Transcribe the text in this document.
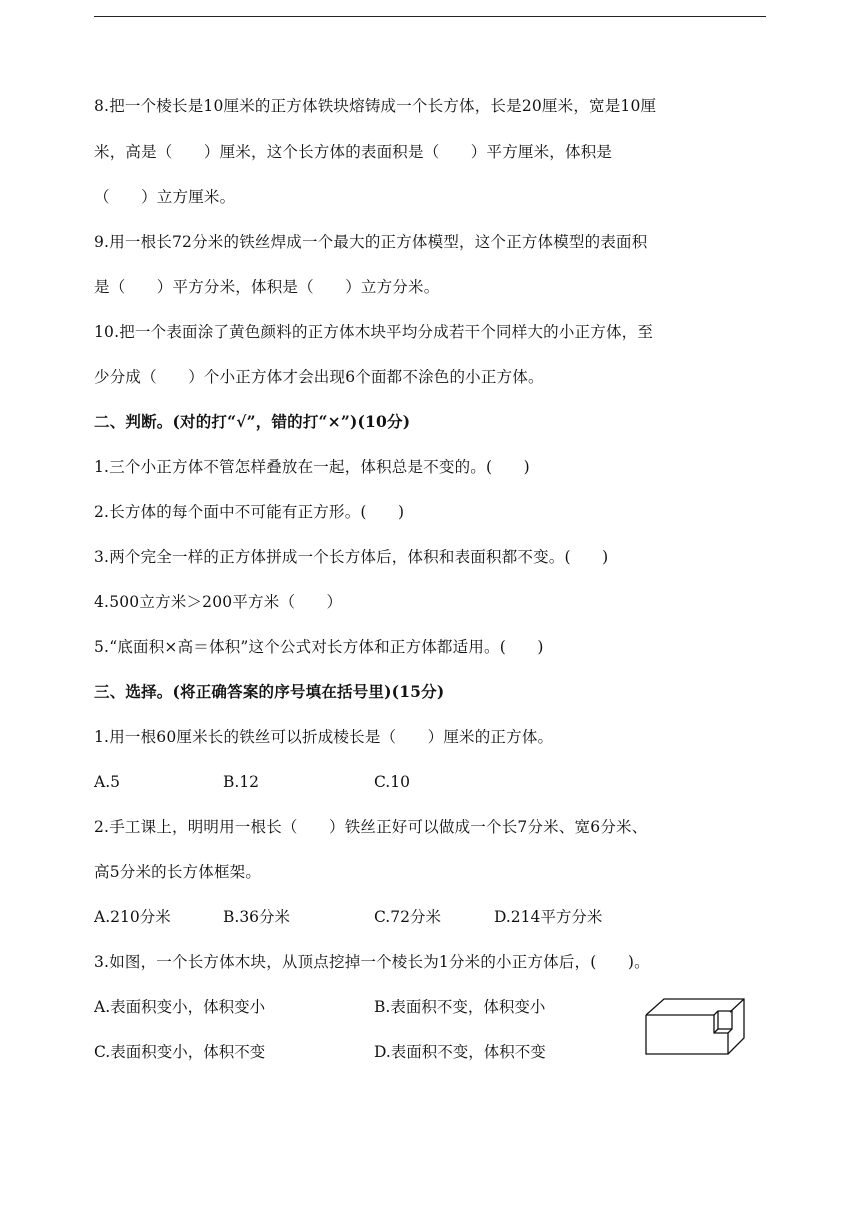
8.把一个棱长是10厘米的正方体铁块熔铸成一个长方体，长是20厘米，宽是10厘
米，高是（　　）厘米，这个长方体的表面积是（　　）平方厘米，体积是
（　　）立方厘米。
9.用一根长72分米的铁丝焊成一个最大的正方体模型，这个正方体模型的表面积
是（　　）平方分米，体积是（　　）立方分米。
10.把一个表面涂了黄色颜料的正方体木块平均分成若干个同样大的小正方体，至
少分成（　　）个小正方体才会出现6个面都不涂色的小正方体。
二、判断。(对的打“√”，错的打“×”)(10分)
1.三个小正方体不管怎样叠放在一起，体积总是不变的。(　　)
2.长方体的每个面中不可能有正方形。(　　)
3.两个完全一样的正方体拼成一个长方体后，体积和表面积都不变。(　　)
4.500立方米＞200平方米（　　）
5.“底面积×高＝体积”这个公式对长方体和正方体都适用。(　　)
三、选择。(将正确答案的序号填在括号里)(15分)
1.用一根60厘米长的铁丝可以折成棱长是（　　）厘米的正方体。
A.5	B.12	C.10
2.手工课上，明明用一根长（　　）铁丝正好可以做成一个长7分米、宽6分米、
高5分米的长方体框架。
A.210分米	B.36分米	C.72分米	D.214平方分米
3.如图，一个长方体木块，从顶点挖掉一个棱长为1分米的小正方体后，(　　)。
A.表面积变小，体积变小	B.表面积不变，体积变小
C.表面积变小，体积不变	D.表面积不变，体积不变
